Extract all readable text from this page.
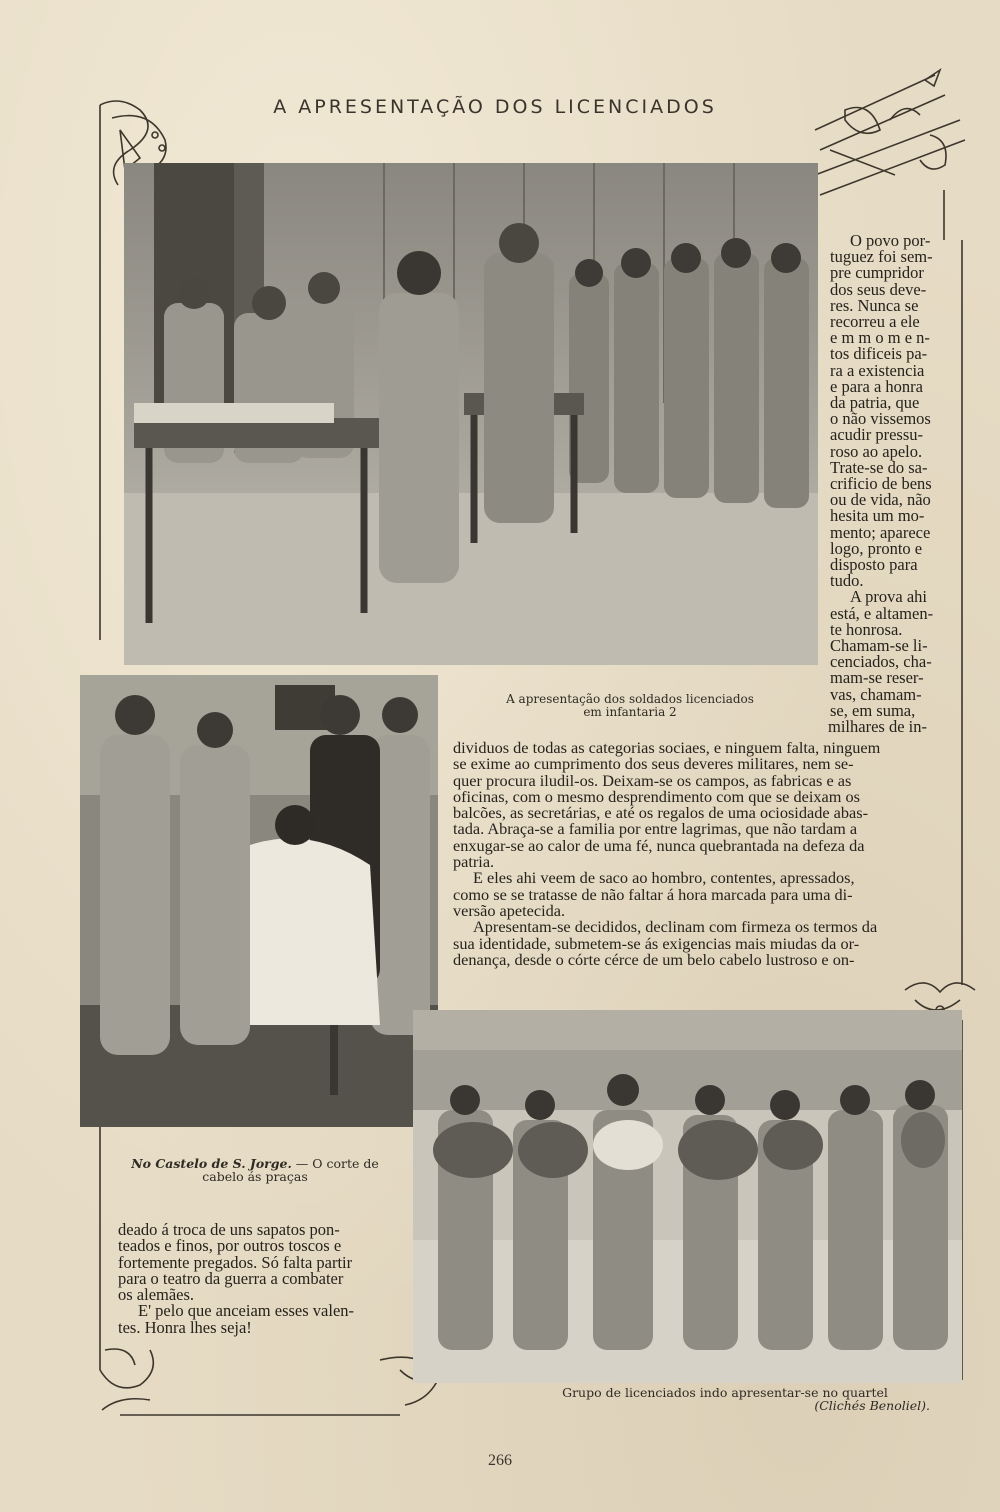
A APRESENTAÇÃO DOS LICENCIADOS
A apresentação dos soldados licenciados
em infantaria 2
No Castelo de S. Jorge. — O corte de
cabelo ás praças
Grupo de licenciados indo apresentar-se no quartel
(Clichés Benoliel).
O povo por-
tuguez foi sem-
pre cumpridor
dos seus deve-
res. Nunca se
recorreu a ele
e m m o m e n-
tos dificeis pa-
ra a existencia
e para a honra
da patria, que
o não vissemos
acudir pressu-
roso ao apelo.
Trate-se do sa-
crificio de bens
ou de vida, não
hesita um mo-
mento; aparece
logo, pronto e
disposto para
tudo.
A prova ahi
está, e altamen-
te honrosa.
Chamam-se li-
cenciados, cha-
mam-se reser-
vas, chamam-
se, em suma,
milhares de in-
dividuos de todas as categorias sociaes, e ninguem falta, ninguem
se exime ao cumprimento dos seus deveres militares, nem se-
quer procura iludil-os. Deixam-se os campos, as fabricas e as
oficinas, com o mesmo desprendimento com que se deixam os
balcões, as secretárias, e até os regalos de uma ociosidade abas-
tada. Abraça-se a familia por entre lagrimas, que não tardam a
enxugar-se ao calor de uma fé, nunca quebrantada na defeza da
patria.
E eles ahi veem de saco ao hombro, contentes, apressados,
como se se tratasse de não faltar á hora marcada para uma di-
versão apetecida.
Apresentam-se decididos, declinam com firmeza os termos da
sua identidade, submetem-se ás exigencias mais miudas da or-
denança, desde o córte cérce de um belo cabelo lustroso e on-
deado á troca de uns sapatos pon-
teados e finos, por outros toscos e
fortemente pregados. Só falta partir
para o teatro da guerra a combater
os alemães.
E' pelo que anceiam esses valen-
tes. Honra lhes seja!
266
